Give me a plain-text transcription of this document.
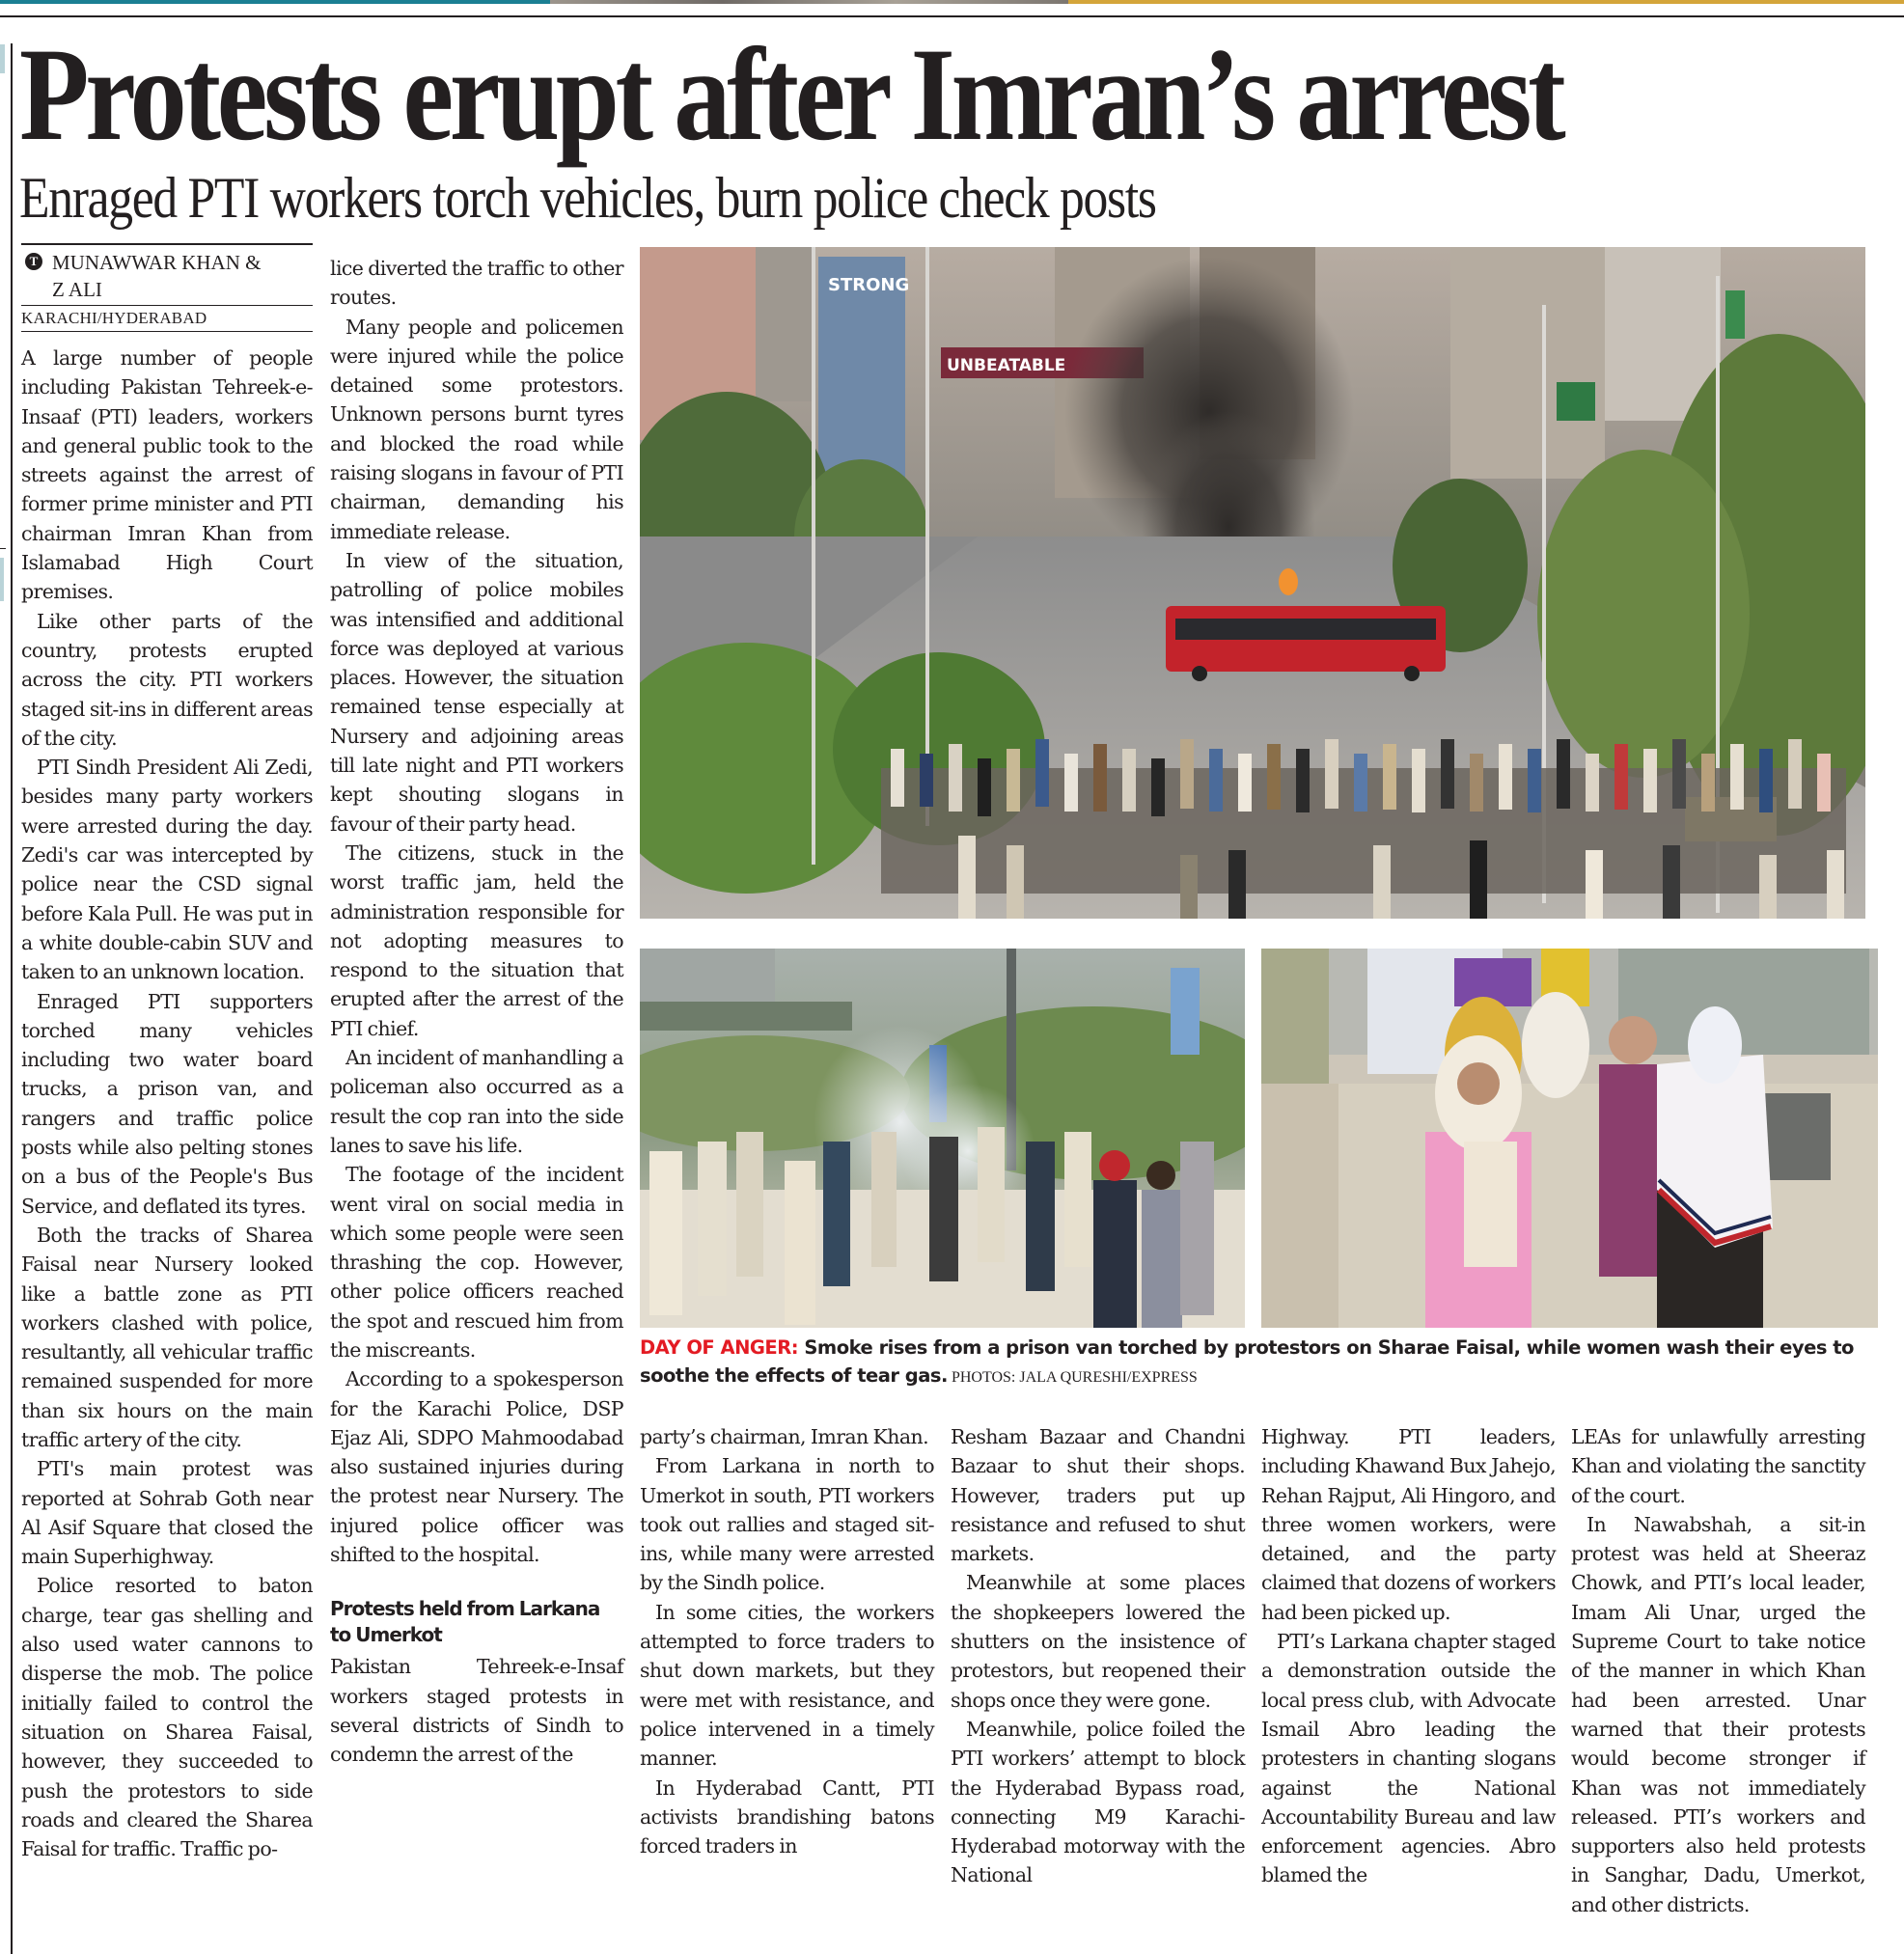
Protests erupt after Imran’s arrest
Enraged PTI workers torch vehicles, burn police check posts
T MUNAWWAR KHAN &
Z ALI
KARACHI/HYDERABAD

A large number of people including Pakistan Tehreek-e-Insaaf (PTI) leaders, workers and general public took to the streets against the arrest of former prime minister and PTI chairman Imran Khan from Islamabad High Court premises.

Like other parts of the country, protests erupted across the city. PTI workers staged sit-ins in different areas of the city.

PTI Sindh President Ali Zedi, besides many party workers were arrested during the day. Zedi's car was intercepted by police near the CSD signal before Kala Pull. He was put in a white double-cabin SUV and taken to an unknown location.

Enraged PTI supporters torched many vehicles including two water board trucks, a prison van, and rangers and traffic police posts while also pelting stones on a bus of the People's Bus Service, and deflated its tyres.

Both the tracks of Sharea Faisal near Nursery looked like a battle zone as PTI workers clashed with police, resultantly, all vehicular traffic remained suspended for more than six hours on the main traffic artery of the city.

PTI's main protest was reported at Sohrab Goth near Al Asif Square that closed the main Superhighway.

Police resorted to baton charge, tear gas shelling and also used water cannons to disperse the mob. The police initially failed to control the situation on Sharea Faisal, however, they succeeded to push the protestors to side roads and cleared the Sharea Faisal for traffic. Traffic po-

lice diverted the traffic to other routes.

Many people and policemen were injured while the police detained some protestors. Unknown persons burnt tyres and blocked the road while raising slogans in favour of PTI chairman, demanding his immediate release.

In view of the situation, patrolling of police mobiles was intensified and additional force was deployed at various places. However, the situation remained tense especially at Nursery and adjoining areas till late night and PTI workers kept shouting slogans in favour of their party head.

The citizens, stuck in the worst traffic jam, held the administration responsible for not adopting measures to respond to the situation that erupted after the arrest of the PTI chief.

An incident of manhandling a policeman also occurred as a result the cop ran into the side lanes to save his life.

The footage of the incident went viral on social media in which some people were seen thrashing the cop. However, other police officers reached the spot and rescued him from the miscreants.

According to a spokesperson for the Karachi Police, DSP Ejaz Ali, SDPO Mahmoodabad also sustained injuries during the protest near Nursery. The injured police officer was shifted to the hospital.

Protests held from Larkana to Umerkot

Pakistan Tehreek-e-Insaf workers staged protests in several districts of Sindh to condemn the arrest of the

STRONG
UNBEATABLE
DAY OF ANGER: Smoke rises from a prison van torched by protestors on Sharae Faisal, while women wash their eyes to soothe the effects of tear gas. PHOTOS: JALA QURESHI/EXPRESS

party’s chairman, Imran Khan.

From Larkana in north to Umerkot in south, PTI workers took out rallies and staged sit-ins, while many were arrested by the Sindh police.

In some cities, the workers attempted to force traders to shut down markets, but they were met with resistance, and police intervened in a timely manner.

In Hyderabad Cantt, PTI activists brandishing batons forced traders in

Resham Bazaar and Chandni Bazaar to shut their shops. However, traders put up resistance and refused to shut markets.

Meanwhile at some places the shopkeepers lowered the shutters on the insistence of protestors, but reopened their shops once they were gone.

Meanwhile, police foiled the PTI workers’ attempt to block the Hyderabad Bypass road, connecting M9 Karachi-Hyderabad motorway with the National

Highway. PTI leaders, including Khawand Bux Jahejo, Rehan Rajput, Ali Hingoro, and three women workers, were detained, and the party claimed that dozens of workers had been picked up.

PTI’s Larkana chapter staged a demonstration outside the local press club, with Advocate Ismail Abro leading the protesters in chanting slogans against the National Accountability Bureau and law enforcement agencies. Abro blamed the

LEAs for unlawfully arresting Khan and violating the sanctity of the court.

In Nawabshah, a sit-in protest was held at Sheeraz Chowk, and PTI’s local leader, Imam Ali Unar, urged the Supreme Court to take notice of the manner in which Khan had been arrested. Unar warned that their protests would become stronger if Khan was not immediately released. PTI’s workers and supporters also held protests in Sanghar, Dadu, Umerkot, and other districts.
